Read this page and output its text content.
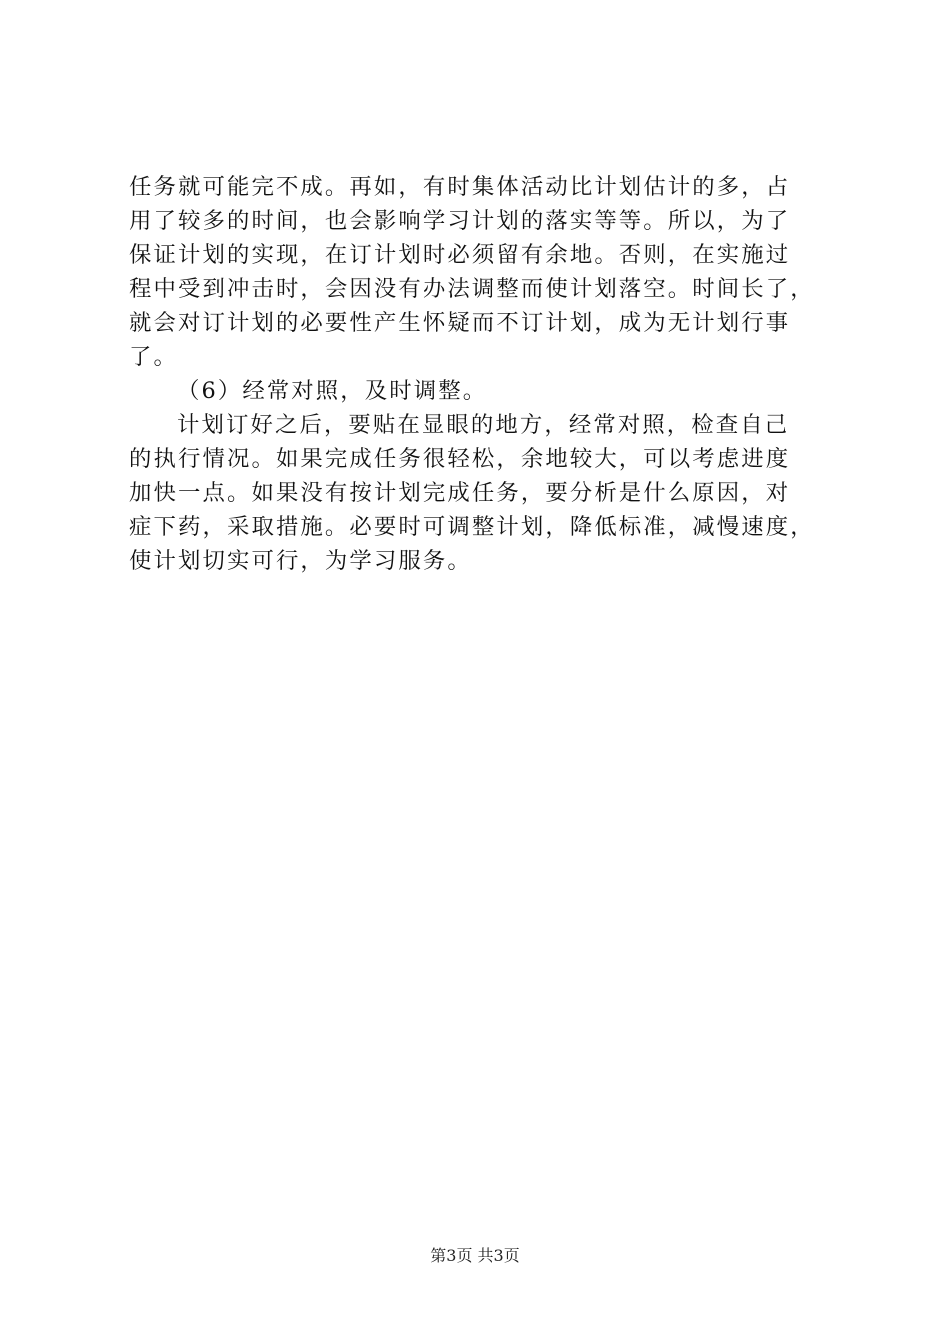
任务就可能完不成。再如，有时集体活动比计划估计的多，占
用了较多的时间，也会影响学习计划的落实等等。所以，为了
保证计划的实现，在订计划时必须留有余地。否则，在实施过
程中受到冲击时，会因没有办法调整而使计划落空。时间长了，
就会对订计划的必要性产生怀疑而不订计划，成为无计划行事
了。
（6）经常对照，及时调整。
计划订好之后，要贴在显眼的地方，经常对照，检查自己
的执行情况。如果完成任务很轻松，余地较大，可以考虑进度
加快一点。如果没有按计划完成任务，要分析是什么原因，对
症下药，采取措施。必要时可调整计划，降低标准，减慢速度，
使计划切实可行，为学习服务。
第3页 共3页
